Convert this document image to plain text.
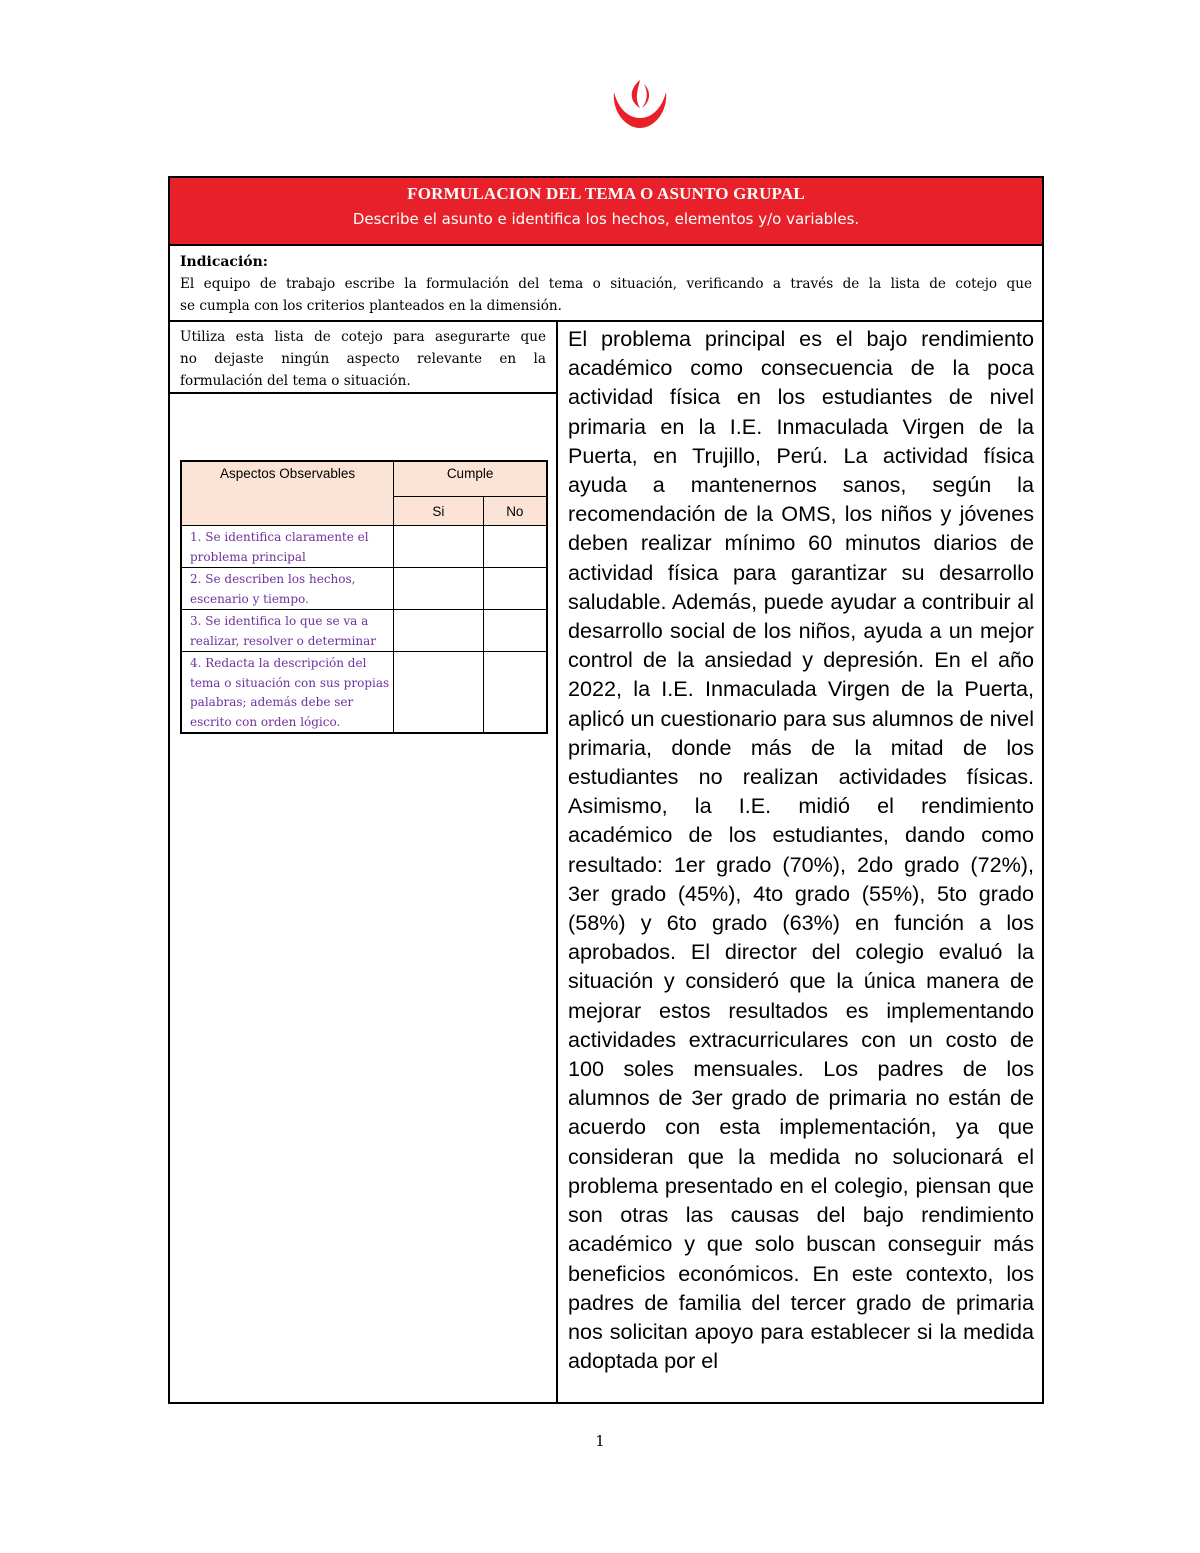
FORMULACION DEL TEMA O ASUNTO GRUPAL
Describe el asunto e identifica los hechos, elementos y/o variables.
Indicación:
El equipo de trabajo escribe la formulación del tema o situación, verificando a través de la lista de cotejo que
se cumpla con los criterios planteados en la dimensión.
Utiliza esta lista de cotejo para asegurarte que
no dejaste ningún aspecto relevante en la
formulación del tema o situación.
Aspectos Observables	Cumple	
	Si	No
1. Se identifica claramente el problema principal		
2. Se describen los hechos, escenario y tiempo.		
3. Se identifica lo que se va a realizar, resolver o determinar		
4. Redacta la descripción del tema o situación con sus propias palabras; además debe ser escrito con orden lógico.		

El problema principal es el bajo rendimiento académico como consecuencia de la poca actividad física en los estudiantes de nivel primaria en la I.E. Inmaculada Virgen de la Puerta, en Trujillo, Perú. La actividad física ayuda a mantenernos sanos, según la recomendación de la OMS, los niños y jóvenes deben realizar mínimo 60 minutos diarios de actividad física para garantizar su desarrollo saludable. Además, puede ayudar a contribuir al desarrollo social de los niños, ayuda a un mejor control de la ansiedad y depresión. En el año 2022, la I.E. Inmaculada Virgen de la Puerta, aplicó un cuestionario para sus alumnos de nivel primaria, donde más de la mitad de los estudiantes no realizan actividades físicas. Asimismo, la I.E. midió el rendimiento académico de los estudiantes, dando como resultado: 1er grado (70%), 2do grado (72%), 3er grado (45%), 4to grado (55%), 5to grado (58%) y 6to grado (63%) en función a los aprobados. El director del colegio evaluó la situación y consideró que la única manera de mejorar estos resultados es implementando actividades extracurriculares con un costo de 100 soles mensuales. Los padres de los alumnos de 3er grado de primaria no están de acuerdo con esta implementación, ya que consideran que la medida no solucionará el problema presentado en el colegio, piensan que son otras las causas del bajo rendimiento académico y que solo buscan conseguir más beneficios económicos. En este contexto, los padres de familia del tercer grado de primaria nos solicitan apoyo para establecer si la medida adoptada por el

1
